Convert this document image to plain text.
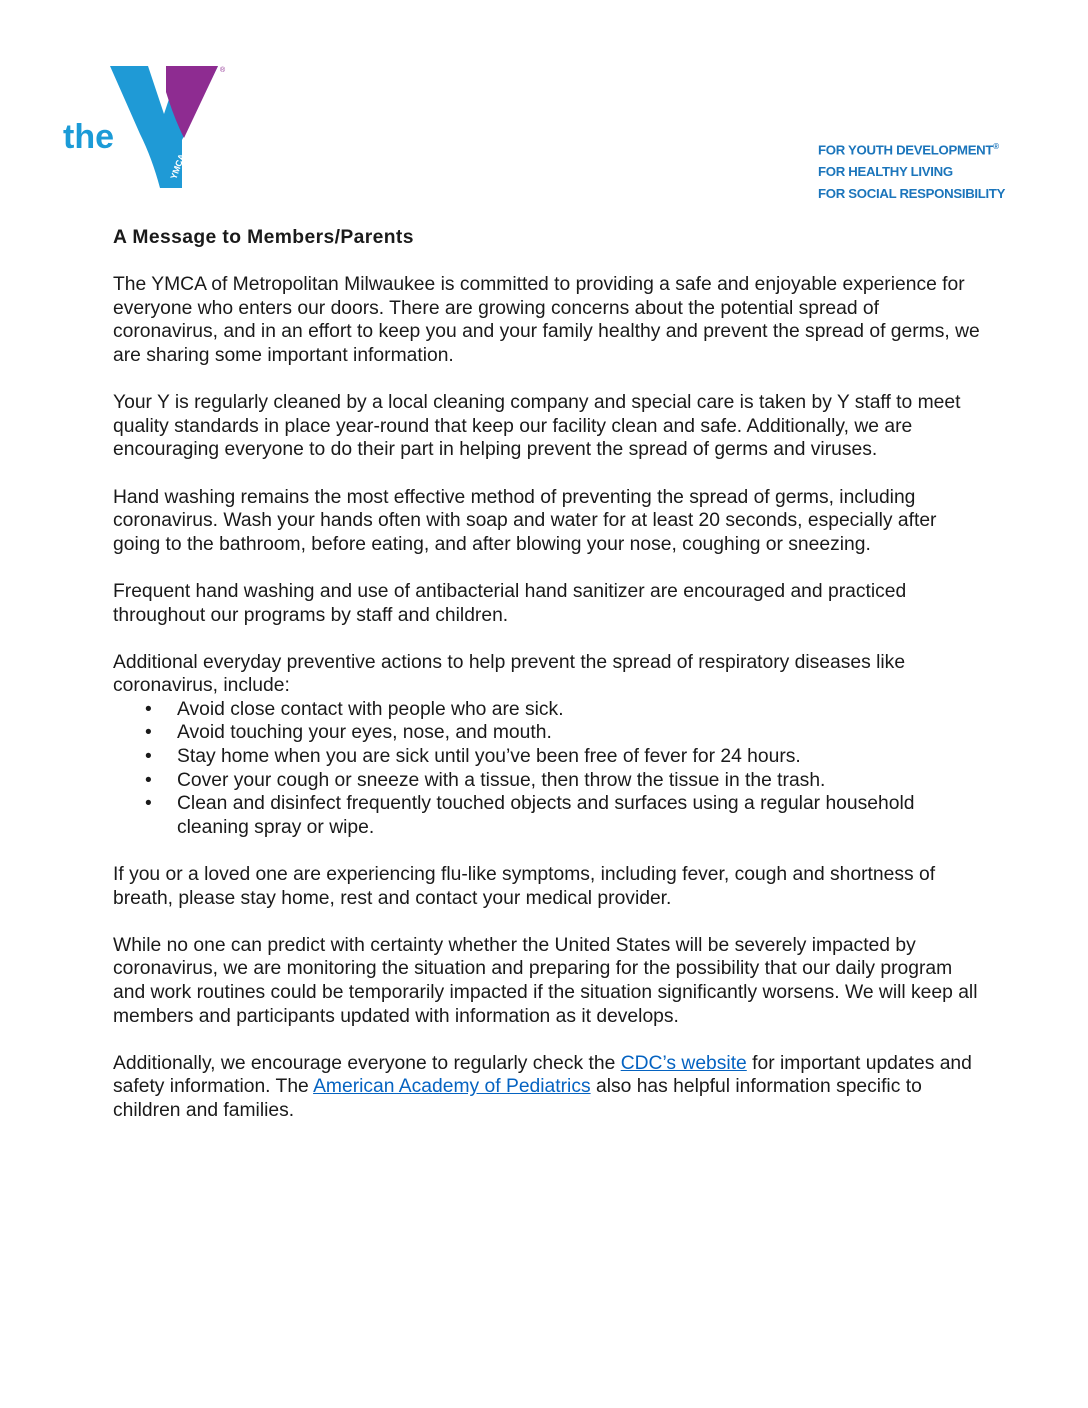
the
YMCA
®
FOR YOUTH DEVELOPMENT®
FOR HEALTHY LIVING
FOR SOCIAL RESPONSIBILITY
A Message to Members/Parents

The YMCA of Metropolitan Milwaukee is committed to providing a safe and enjoyable experience for everyone who enters our doors. There are growing concerns about the potential spread of coronavirus, and in an effort to keep you and your family healthy and prevent the spread of germs, we are sharing some important information.

Your Y is regularly cleaned by a local cleaning company and special care is taken by Y staff to meet quality standards in place year-round that keep our facility clean and safe. Additionally, we are encouraging everyone to do their part in helping prevent the spread of germs and viruses.

Hand washing remains the most effective method of preventing the spread of germs, including coronavirus. Wash your hands often with soap and water for at least 20 seconds, especially after going to the bathroom, before eating, and after blowing your nose, coughing or sneezing.

Frequent hand washing and use of antibacterial hand sanitizer are encouraged and practiced throughout our programs by staff and children.

Additional everyday preventive actions to help prevent the spread of respiratory diseases like coronavirus, include:

• Avoid close contact with people who are sick.
• Avoid touching your eyes, nose, and mouth.
• Stay home when you are sick until you’ve been free of fever for 24 hours.
• Cover your cough or sneeze with a tissue, then throw the tissue in the trash.
• Clean and disinfect frequently touched objects and surfaces using a regular household cleaning spray or wipe.

If you or a loved one are experiencing flu-like symptoms, including fever, cough and shortness of breath, please stay home, rest and contact your medical provider.

While no one can predict with certainty whether the United States will be severely impacted by coronavirus, we are monitoring the situation and preparing for the possibility that our daily program and work routines could be temporarily impacted if the situation significantly worsens. We will keep all members and participants updated with information as it develops.

Additionally, we encourage everyone to regularly check the CDC’s website for important updates and safety information. The American Academy of Pediatrics also has helpful information specific to children and families.
